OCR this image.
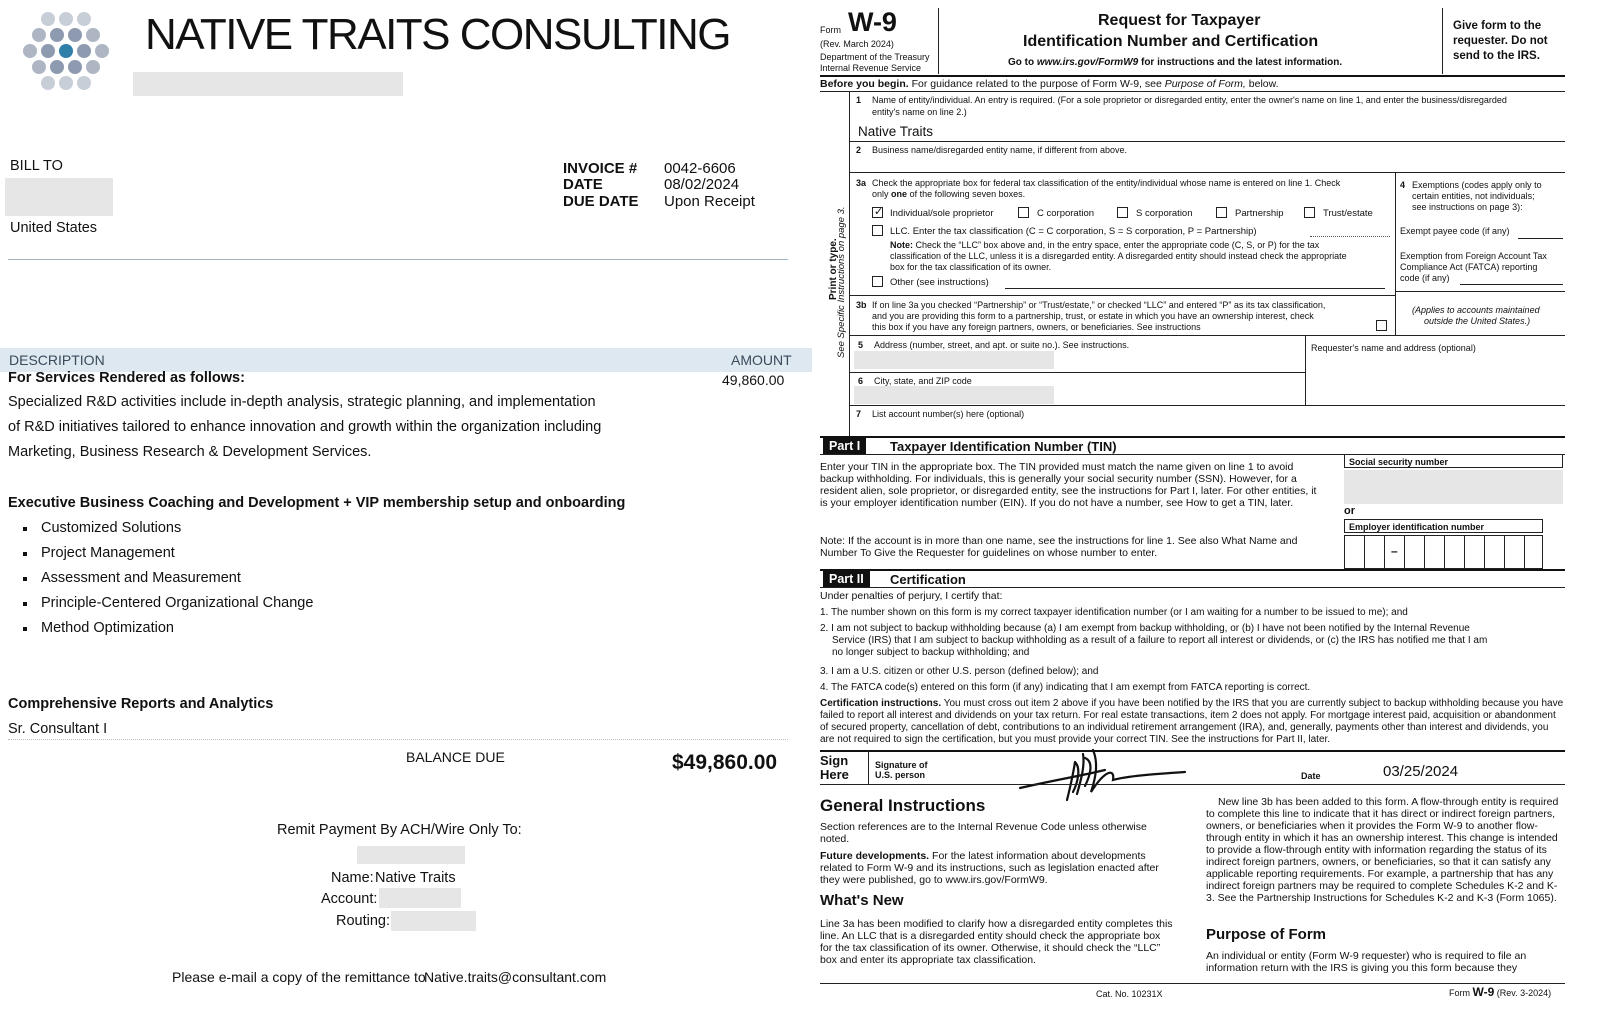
NATIVE TRAITS CONSULTING
BILL TO
United States
INVOICE # 0042-6606
DATE	08/02/2024
DUE DATE Upon Receipt
DESCRIPTION	AMOUNT
For Services Rendered as follows:	49,860.00
Specialized R&D activities include in-depth analysis, strategic planning, and implementation
of R&D initiatives tailored to enhance innovation and growth within the organization including
Marketing, Business Research & Development Services.
Executive Business Coaching and Development + VIP membership setup and onboarding
Customized Solutions
Project Management
Assessment and Measurement
Principle-Centered Organizational Change
Method Optimization
Comprehensive Reports and Analytics
Sr. Consultant I
BALANCE DUE	$49,860.00
Remit Payment By ACH/Wire Only To:
Name: Native Traits
Account:
Routing:
Please e-mail a copy of the remittance to
Native.traits@consultant.com
Form W-9
(Rev. March 2024)
Department of the Treasury
Internal Revenue Service
Request for Taxpayer
Identification Number and Certification
Go to www.irs.gov/FormW9 for instructions and the latest information.
Give form to the
requester. Do not
send to the IRS.
Before you begin. For guidance related to the purpose of Form W-9, see Purpose of Form, below.
Print or type.
See Specific Instructions on page 3.
1 Name of entity/individual. An entry is required. (For a sole proprietor or disregarded entity, enter the owner's name on line 1, and enter the business/disregarded
entity's name on line 2.)
Native Traits
2 Business name/disregarded entity name, if different from above.
3a Check the appropriate box for federal tax classification of the entity/individual whose name is entered on line 1. Check
only one of the following seven boxes.
✓
Individual/sole proprietor	C corporation	S corporation	Partnership	Trust/estate
LLC. Enter the tax classification (C = C corporation, S = S corporation, P = Partnership)
Note: Check the “LLC” box above and, in the entry space, enter the appropriate code (C, S, or P) for the tax
classification of the LLC, unless it is a disregarded entity. A disregarded entity should instead check the appropriate
box for the tax classification of its owner.
Other (see instructions)
4 Exemptions (codes apply only to
certain entities, not individuals;
see instructions on page 3):
Exempt payee code (if any)
Exemption from Foreign Account Tax
Compliance Act (FATCA) reporting
code (if any)
(Applies to accounts maintained
outside the United States.)
3b If on line 3a you checked “Partnership” or “Trust/estate,” or checked “LLC” and entered “P” as its tax classification,
and you are providing this form to a partnership, trust, or estate in which you have an ownership interest, check
this box if you have any foreign partners, owners, or beneficiaries. See instructions
5 Address (number, street, and apt. or suite no.). See instructions.	Requester's name and address (optional)
6 City, state, and ZIP code
7 List account number(s) here (optional)
Part I	Taxpayer Identification Number (TIN)
Enter your TIN in the appropriate box. The TIN provided must match the name given on line 1 to avoid backup withholding. For individuals, this is generally your social security number (SSN). However, for a resident alien, sole proprietor, or disregarded entity, see the instructions for Part I, later. For other entities, it is your employer identification number (EIN). If you do not have a number, see How to get a TIN, later.
Note: If the account is in more than one name, see the instructions for line 1. See also What Name and Number To Give the Requester for guidelines on whose number to enter.
Social security number
or
Employer identification number
–
Part II	Certification
Under penalties of perjury, I certify that:
1. The number shown on this form is my correct taxpayer identification number (or I am waiting for a number to be issued to me); and
2. I am not subject to backup withholding because (a) I am exempt from backup withholding, or (b) I have not been notified by the Internal Revenue
Service (IRS) that I am subject to backup withholding as a result of a failure to report all interest or dividends, or (c) the IRS has notified me that I am
no longer subject to backup withholding; and
3. I am a U.S. citizen or other U.S. person (defined below); and
4. The FATCA code(s) entered on this form (if any) indicating that I am exempt from FATCA reporting is correct.
Certification instructions. You must cross out item 2 above if you have been notified by the IRS that you are currently subject to backup withholding because you have failed to report all interest and dividends on your tax return. For real estate transactions, item 2 does not apply. For mortgage interest paid, acquisition or abandonment of secured property, cancellation of debt, contributions to an individual retirement arrangement (IRA), and, generally, payments other than interest and dividends, you are not required to sign the certification, but you must provide your correct TIN. See the instructions for Part II, later.
Sign
Here
Signature of
U.S. person	Date	03/25/2024
General Instructions
Section references are to the Internal Revenue Code unless otherwise noted.
Future developments. For the latest information about developments related to Form W-9 and its instructions, such as legislation enacted after they were published, go to www.irs.gov/FormW9.
What's New
Line 3a has been modified to clarify how a disregarded entity completes this line. An LLC that is a disregarded entity should check the appropriate box for the tax classification of its owner. Otherwise, it should check the “LLC” box and enter its appropriate tax classification.
New line 3b has been added to this form. A flow-through entity is required to complete this line to indicate that it has direct or indirect foreign partners, owners, or beneficiaries when it provides the Form W-9 to another flow-through entity in which it has an ownership interest. This change is intended to provide a flow-through entity with information regarding the status of its indirect foreign partners, owners, or beneficiaries, so that it can satisfy any applicable reporting requirements. For example, a partnership that has any indirect foreign partners may be required to complete Schedules K-2 and K-3. See the Partnership Instructions for Schedules K-2 and K-3 (Form 1065).
Purpose of Form
An individual or entity (Form W-9 requester) who is required to file an information return with the IRS is giving you this form because they
Cat. No. 10231X	Form W-9 (Rev. 3-2024)
